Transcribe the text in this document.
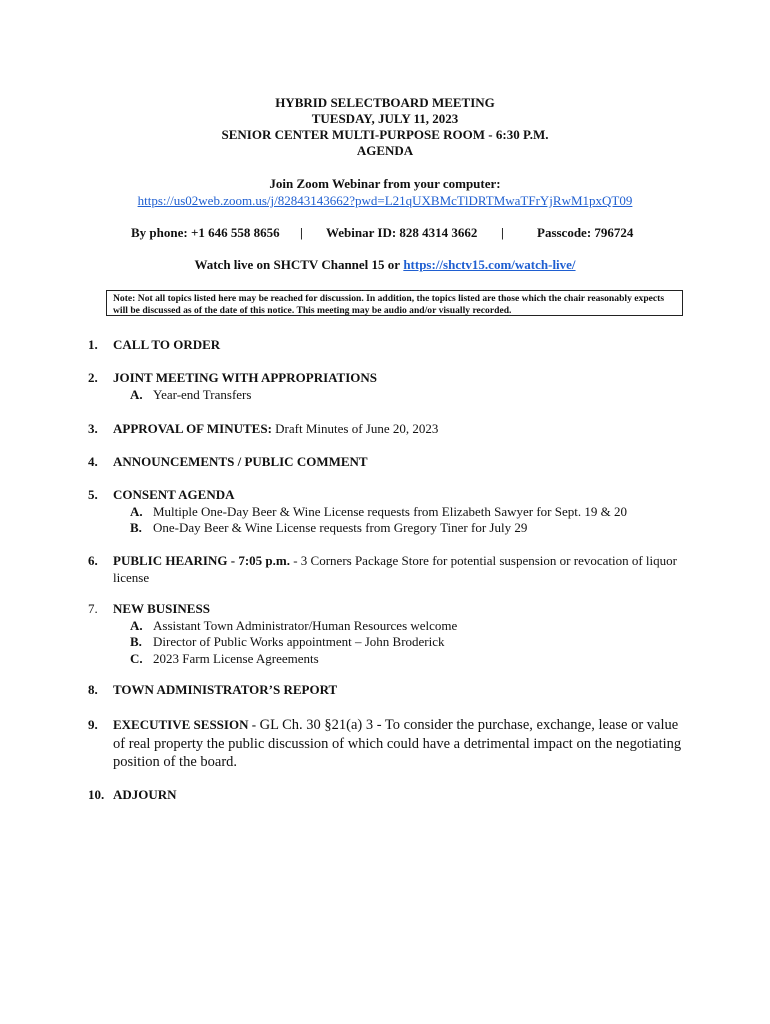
HYBRID SELECTBOARD MEETING
TUESDAY, JULY 11, 2023
SENIOR CENTER MULTI-PURPOSE ROOM - 6:30 P.M.
AGENDA
Join Zoom Webinar from your computer:
https://us02web.zoom.us/j/82843143662?pwd=L21qUXBMcTlDRTMwaTFrYjRwM1pxQT09
By phone: +1 646 558 8656 | Webinar ID: 828 4314 3662 |	Passcode: 796724
Watch live on SHCTV Channel 15 or https://shctv15.com/watch-live/
Note: Not all topics listed here may be reached for discussion. In addition, the topics listed are those which the chair reasonably expects will be discussed as of the date of this notice. This meeting may be audio and/or visually recorded.
1. CALL TO ORDER
2. JOINT MEETING WITH APPROPRIATIONS
A. Year-end Transfers
3. APPROVAL OF MINUTES: Draft Minutes of June 20, 2023
4. ANNOUNCEMENTS / PUBLIC COMMENT
5. CONSENT AGENDA
A. Multiple One-Day Beer & Wine License requests from Elizabeth Sawyer for Sept. 19 & 20
B. One-Day Beer & Wine License requests from Gregory Tiner for July 29
6. PUBLIC HEARING - 7:05 p.m. - 3 Corners Package Store for potential suspension or revocation of liquor license
7. NEW BUSINESS
A. Assistant Town Administrator/Human Resources welcome
B. Director of Public Works appointment – John Broderick
C. 2023 Farm License Agreements
8. TOWN ADMINISTRATOR’S REPORT
9. EXECUTIVE SESSION - GL Ch. 30 §21(a) 3 - To consider the purchase, exchange, lease or value of real property the public discussion of which could have a detrimental impact on the negotiating position of the board.
10. ADJOURN
